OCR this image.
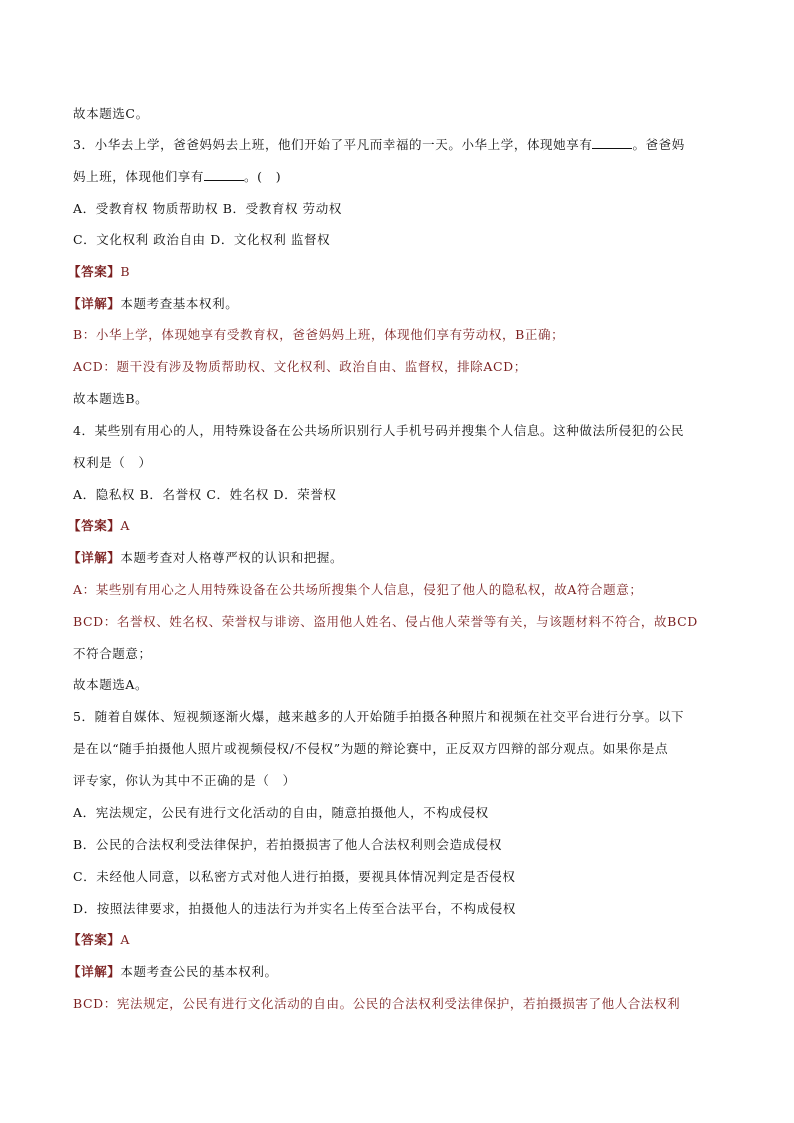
故本题选C。
3．小华去上学，爸爸妈妈去上班，他们开始了平凡而幸福的一天。小华上学，体现她享有	。爸爸妈
妈上班，体现他们享有	。(　)
A．受教育权 物质帮助权 B．受教育权 劳动权
C．文化权利 政治自由 D．文化权利 监督权
【答案】B
【详解】本题考查基本权利。
B：小华上学，体现她享有受教育权，爸爸妈妈上班，体现他们享有劳动权，B正确；
ACD：题干没有涉及物质帮助权、文化权利、政治自由、监督权，排除ACD；
故本题选B。
4．某些别有用心的人，用特殊设备在公共场所识别行人手机号码并搜集个人信息。这种做法所侵犯的公民
权利是（　）
A．隐私权 B．名誉权 C．姓名权 D．荣誉权
【答案】A
【详解】本题考查对人格尊严权的认识和把握。
A：某些别有用心之人用特殊设备在公共场所搜集个人信息，侵犯了他人的隐私权，故A符合题意；
BCD：名誉权、姓名权、荣誉权与诽谤、盗用他人姓名、侵占他人荣誉等有关，与该题材料不符合，故BCD
不符合题意；
故本题选A。
5．随着自媒体、短视频逐渐火爆，越来越多的人开始随手拍摄各种照片和视频在社交平台进行分享。以下
是在以“随手拍摄他人照片或视频侵权/不侵权”为题的辩论赛中，正反双方四辩的部分观点。如果你是点
评专家，你认为其中不正确的是（　）
A．宪法规定，公民有进行文化活动的自由，随意拍摄他人，不构成侵权
B．公民的合法权利受法律保护，若拍摄损害了他人合法权利则会造成侵权
C．未经他人同意，以私密方式对他人进行拍摄，要视具体情况判定是否侵权
D．按照法律要求，拍摄他人的违法行为并实名上传至合法平台，不构成侵权
【答案】A
【详解】本题考查公民的基本权利。
BCD：宪法规定，公民有进行文化活动的自由。公民的合法权利受法律保护，若拍摄损害了他人合法权利
